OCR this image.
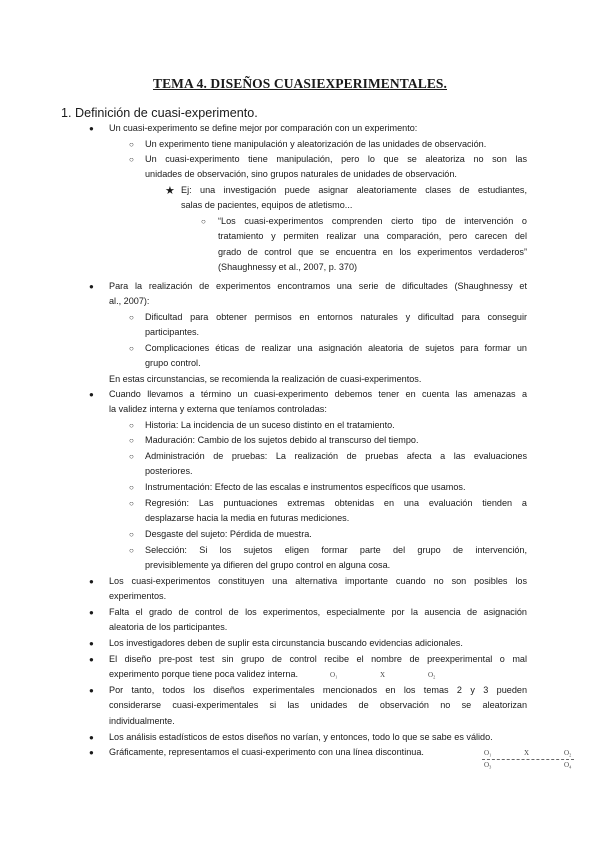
TEMA 4. DISEÑOS CUASIEXPERIMENTALES.
1. Definición de cuasi-experimento.
● Un cuasi-experimento se define mejor por comparación con un experimento:
○ Un experimento tiene manipulación y aleatorización de las unidades de observación.
○ Un cuasi-experimento tiene manipulación, pero lo que se aleatoriza no son las
unidades de observación, sino grupos naturales de unidades de observación.
★ Ej: una investigación puede asignar aleatoriamente clases de estudiantes,
salas de pacientes, equipos de atletismo...
○ “Los cuasi-experimentos comprenden cierto tipo de intervención o
tratamiento y permiten realizar una comparación, pero carecen del
grado de control que se encuentra en los experimentos verdaderos”
(Shaughnessy et al., 2007, p. 370)
● Para la realización de experimentos encontramos una serie de dificultades (Shaughnessy et
al., 2007):
○ Dificultad para obtener permisos en entornos naturales y dificultad para conseguir
participantes.
○ Complicaciones éticas de realizar una asignación aleatoria de sujetos para formar un
grupo control.
En estas circunstancias, se recomienda la realización de cuasi-experimentos.
● Cuando llevamos a término un cuasi-experimento debemos tener en cuenta las amenazas a
la validez interna y externa que teníamos controladas:
○ Historia: La incidencia de un suceso distinto en el tratamiento.
○ Maduración: Cambio de los sujetos debido al transcurso del tiempo.
○ Administración de pruebas: La realización de pruebas afecta a las evaluaciones
posteriores.
○ Instrumentación: Efecto de las escalas e instrumentos específicos que usamos.
○ Regresión: Las puntuaciones extremas obtenidas en una evaluación tienden a
desplazarse hacia la media en futuras mediciones.
○ Desgaste del sujeto: Pérdida de muestra.
○ Selección: Si los sujetos eligen formar parte del grupo de intervención,
previsiblemente ya difieren del grupo control en alguna cosa.
● Los cuasi-experimentos constituyen una alternativa importante cuando no son posibles los
experimentos.
● Falta el grado de control de los experimentos, especialmente por la ausencia de asignación
aleatoria de los participantes.
● Los investigadores deben de suplir esta circunstancia buscando evidencias adicionales.
● El diseño pre-post test sin grupo de control recibe el nombre de preexperimental o mal
experimento porque tiene poca validez interna.	O₁	X	O₂
● Por tanto, todos los diseños experimentales mencionados en los temas 2 y 3 pueden
considerarse cuasi-experimentales si las unidades de observación no se aleatorizan
individualmente.
● Los análisis estadísticos de estos diseños no varían, y entonces, todo lo que se sabe es válido.
● Gráficamente, representamos el cuasi-experimento con una línea discontinua.	O₁	X	O₂
O₃	O₄
